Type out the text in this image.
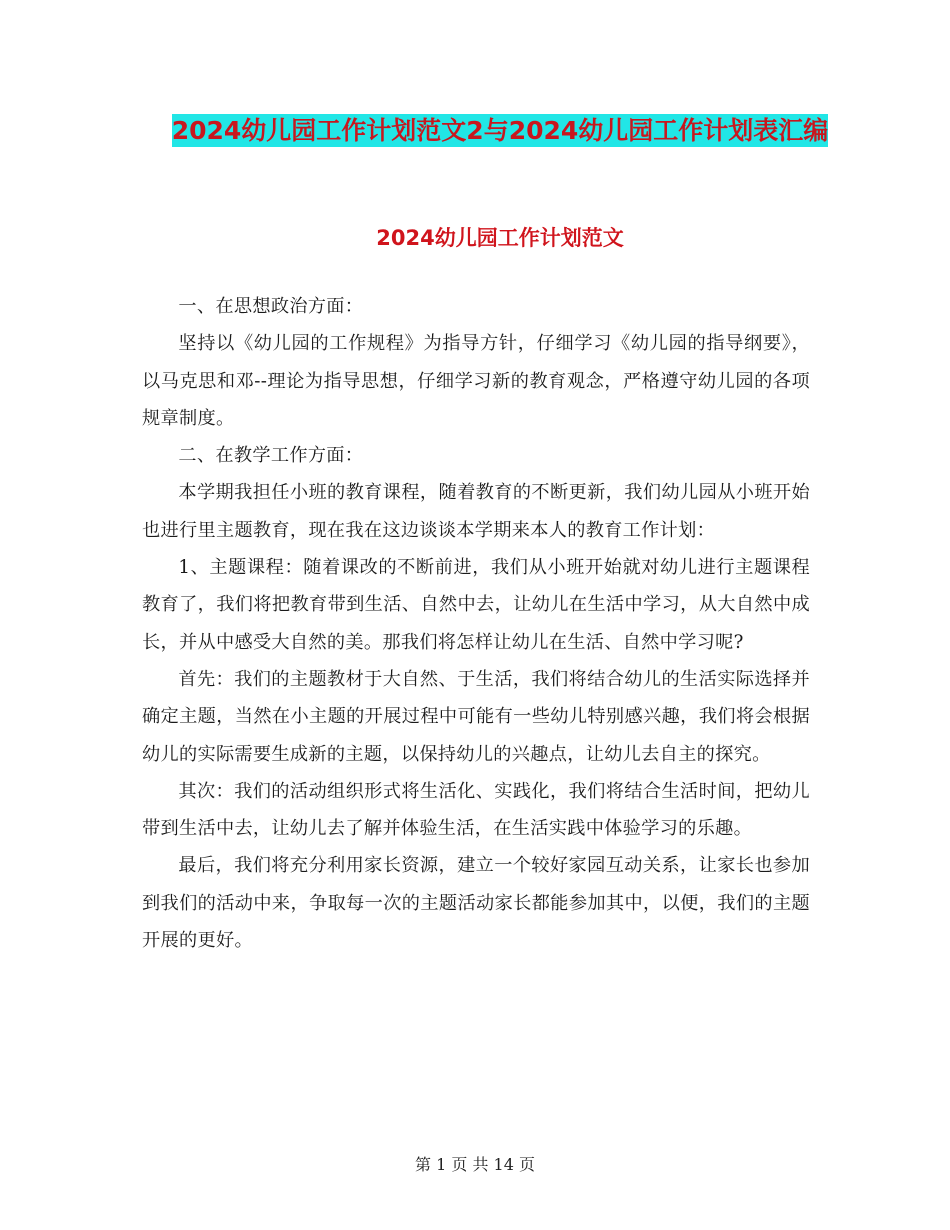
2024幼儿园工作计划范文2与2024幼儿园工作计划表汇编
2024幼儿园工作计划范文

一、在思想政治方面：

坚持以《幼儿园的工作规程》为指导方针，仔细学习《幼儿园的指导纲要》，以马克思和邓--理论为指导思想，仔细学习新的教育观念，严格遵守幼儿园的各项规章制度。

二、在教学工作方面：

本学期我担任小班的教育课程，随着教育的不断更新，我们幼儿园从小班开始也进行里主题教育，现在我在这边谈谈本学期来本人的教育工作计划：

1、主题课程：随着课改的不断前进，我们从小班开始就对幼儿进行主题课程教育了，我们将把教育带到生活、自然中去，让幼儿在生活中学习，从大自然中成长，并从中感受大自然的美。那我们将怎样让幼儿在生活、自然中学习呢?

首先：我们的主题教材于大自然、于生活，我们将结合幼儿的生活实际选择并确定主题，当然在小主题的开展过程中可能有一些幼儿特别感兴趣，我们将会根据幼儿的实际需要生成新的主题，以保持幼儿的兴趣点，让幼儿去自主的探究。

其次：我们的活动组织形式将生活化、实践化，我们将结合生活时间，把幼儿带到生活中去，让幼儿去了解并体验生活，在生活实践中体验学习的乐趣。

最后，我们将充分利用家长资源，建立一个较好家园互动关系，让家长也参加到我们的活动中来，争取每一次的主题活动家长都能参加其中，以便，我们的主题开展的更好。

第 1 页 共 14 页
